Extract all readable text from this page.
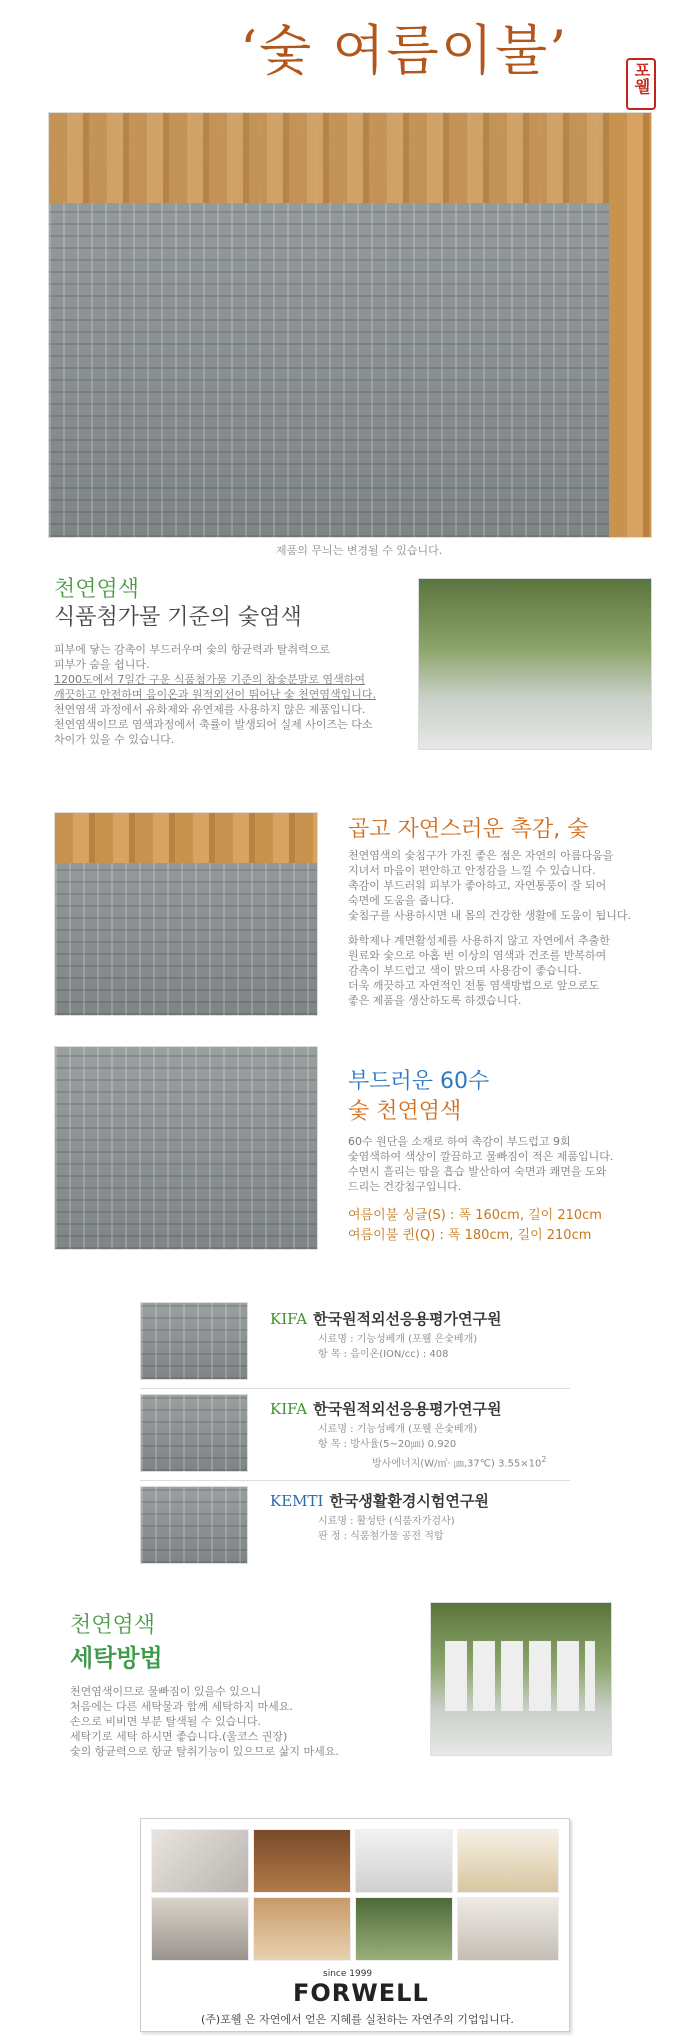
‘숯 여름이불’	포웰
제품의 무늬는 변경될 수 있습니다.
천연염색
식품첨가물 기준의 숯염색
피부에 닿는 감촉이 부드러우며 숯의 항균력과 탈취력으로
피부가 숨을 쉽니다.
1200도에서 7일간 구운 식품첨가물 기준의 참숯분말로 염색하여
깨끗하고 안전하며 음이온과 원적외선이 뛰어난 숯 천연염색입니다.
천연염색 과정에서 유화제와 유연제를 사용하지 않은 제품입니다.
천연염색이므로 염색과정에서 축률이 발생되어 실제 사이즈는 다소
차이가 있을 수 있습니다.
곱고 자연스러운 촉감, 숯
천연염색의 숯침구가 가진 좋은 점은 자연의 아름다움을
지녀서 마음이 편안하고 안정감을 느낄 수 있습니다.
촉감이 부드러워 피부가 좋아하고, 자연통풍이 잘 되어
숙면에 도움을 줍니다.
숯침구를 사용하시면 내 몸의 건강한 생활에 도움이 됩니다.
화학제나 계면활성제를 사용하지 않고 자연에서 추출한
원료와 숯으로 아홉 번 이상의 염색과 건조를 반복하여
감촉이 부드럽고 색이 맑으며 사용감이 좋습니다.
더욱 깨끗하고 자연적인 전통 염색방법으로 앞으로도
좋은 제품을 생산하도록 하겠습니다.
부드러운 60수
숯 천연염색
60수 원단을 소재로 하여 촉감이 부드럽고 9회
숯염색하여 색상이 깔끔하고 물빠짐이 적은 제품입니다.
수면시 흘리는 땀을 흡습 발산하여 숙면과 쾌면을 도와
드리는 건강침구입니다.
여름이불 싱글(S) : 폭 160cm, 길이 210cm
여름이불 퀸(Q) : 폭 180cm, 길이 210cm
KIFA 한국원적외선응용평가연구원
시료명 : 기능성베개 (포웰 은숯베개)
항 목 : 음이온(ION/cc) : 408
KIFA 한국원적외선응용평가연구원
시료명 : 기능성베개 (포웰 은숯베개)
항 목 : 방사율(5~20㎛) 0.920
방사에너지(W/㎡· ㎛,37℃) $3.55\times 10^2$
KEMTI 한국생활환경시험연구원
시료명 : 활성탄 (식품자가검사)
판 정 : 식품첨가물 공전 적합
천연염색
세탁방법
천연염색이므로 물빠짐이 있을수 있으니
처음에는 다른 세탁물과 함께 세탁하지 마세요.
손으로 비비면 부분 탈색될 수 있습니다.
세탁기로 세탁 하시면 좋습니다.(울코스 권장)
숯의 항균력으로 항균 탈취기능이 있으므로 삶지 마세요.
since 1999
FORWELL
(주)포웰 은 자연에서 얻은 지혜를 실천하는 자연주의 기업입니다.
